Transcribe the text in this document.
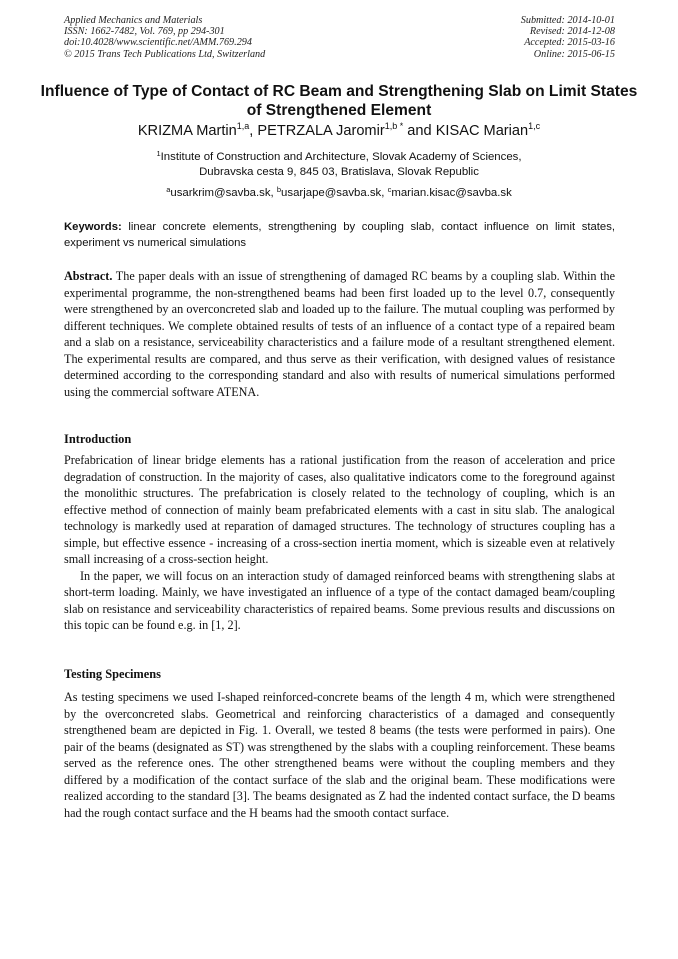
Applied Mechanics and Materials
ISSN: 1662-7482, Vol. 769, pp 294-301
doi:10.4028/www.scientific.net/AMM.769.294
© 2015 Trans Tech Publications Ltd, Switzerland
Submitted: 2014-10-01
Revised: 2014-12-08
Accepted: 2015-03-16
Online: 2015-06-15
Influence of Type of Contact of RC Beam and Strengthening Slab on Limit States of Strengthened Element
KRIZMA Martin$^{1,a}$, PETRZALA Jaromir$^{1,b *}$ and KISAC Marian$^{1,c}$
$^1$Institute of Construction and Architecture, Slovak Academy of Sciences,
Dubravska cesta 9, 845 03, Bratislava, Slovak Republic
$^a$usarkrim@savba.sk, $^b$usarjape@savba.sk, $^c$marian.kisac@savba.sk
Keywords: linear concrete elements, strengthening by coupling slab, contact influence on limit states, experiment vs numerical simulations

Abstract. The paper deals with an issue of strengthening of damaged RC beams by a coupling slab. Within the experimental programme, the non-strengthened beams had been first loaded up to the level 0.7, consequently were strengthened by an overconcreted slab and loaded up to the failure. The mutual coupling was performed by different techniques. We complete obtained results of tests of an influence of a contact type of a repaired beam and a slab on a resistance, serviceability characteristics and a failure mode of a resultant strengthened element. The experimental results are compared, and thus serve as their verification, with designed values of resistance determined according to the corresponding standard and also with results of numerical simulations performed using the commercial software ATENA.

Introduction

Prefabrication of linear bridge elements has a rational justification from the reason of acceleration and price degradation of construction. In the majority of cases, also qualitative indicators come to the foreground against the monolithic structures. The prefabrication is closely related to the technology of coupling, which is an effective method of connection of mainly beam prefabricated elements with a cast in situ slab. The analogical technology is markedly used at reparation of damaged structures. The technology of structures coupling has a simple, but effective essence - increasing of a cross-section inertia moment, which is sizeable even at relatively small increasing of a cross-section height.

In the paper, we will focus on an interaction study of damaged reinforced beams with strengthening slabs at short-term loading. Mainly, we have investigated an influence of a type of the contact damaged beam/coupling slab on resistance and serviceability characteristics of repaired beams. Some previous results and discussions on this topic can be found e.g. in [1, 2].

Testing Specimens

As testing specimens we used I-shaped reinforced-concrete beams of the length 4 m, which were strengthened by the overconcreted slabs. Geometrical and reinforcing characteristics of a damaged and consequently strengthened beam are depicted in Fig. 1. Overall, we tested 8 beams (the tests were performed in pairs). One pair of the beams (designated as ST) was strengthened by the slabs with a coupling reinforcement. These beams served as the reference ones. The other strengthened beams were without the coupling members and they differed by a modification of the contact surface of the slab and the original beam. These modifications were realized according to the standard [3]. The beams designated as Z had the indented contact surface, the D beams had the rough contact surface and the H beams had the smooth contact surface.
